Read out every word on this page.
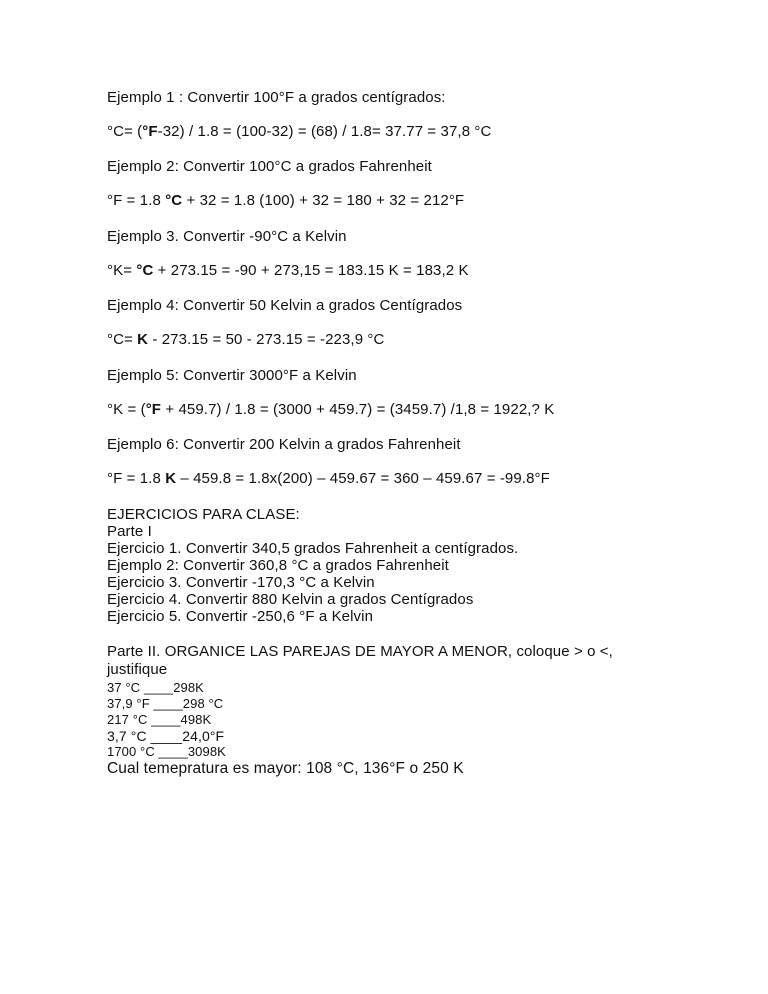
Ejemplo 1 : Convertir 100°F a grados centígrados:
°C= (°F-32) / 1.8 = (100-32) = (68) / 1.8= 37.77 = 37,8 °C
Ejemplo 2: Convertir 100°C a grados Fahrenheit
°F = 1.8 °C + 32 = 1.8 (100) + 32 = 180 + 32 = 212°F
Ejemplo 3. Convertir -90°C a Kelvin
°K= °C + 273.15 = -90 + 273,15 = 183.15 K = 183,2 K
Ejemplo 4: Convertir 50 Kelvin a grados Centígrados
°C= K - 273.15 = 50 - 273.15 = -223,9 °C
Ejemplo 5: Convertir 3000°F a Kelvin
°K = (°F + 459.7) / 1.8 = (3000 + 459.7) = (3459.7) /1,8 = 1922,? K
Ejemplo 6: Convertir 200 Kelvin a grados Fahrenheit
°F = 1.8 K – 459.8 = 1.8x(200) – 459.67 = 360 – 459.67 = -99.8°F
EJERCICIOS PARA CLASE:
Parte I
Ejercicio 1. Convertir 340,5 grados Fahrenheit a centígrados.
Ejemplo 2: Convertir 360,8 °C a grados Fahrenheit
Ejercicio 3. Convertir -170,3 °C a Kelvin
Ejercicio 4. Convertir 880 Kelvin a grados Centígrados
Ejercicio 5. Convertir -250,6 °F a Kelvin
Parte II. ORGANICE LAS PAREJAS DE MAYOR A MENOR, coloque > o <, justifique
37 °C ____298K
37,9 °F ____298 °C
217 °C ____498K
3,7 °C ____24,0°F
1700 °C ____3098K
Cual temepratura es mayor: 108 °C, 136°F o 250 K
